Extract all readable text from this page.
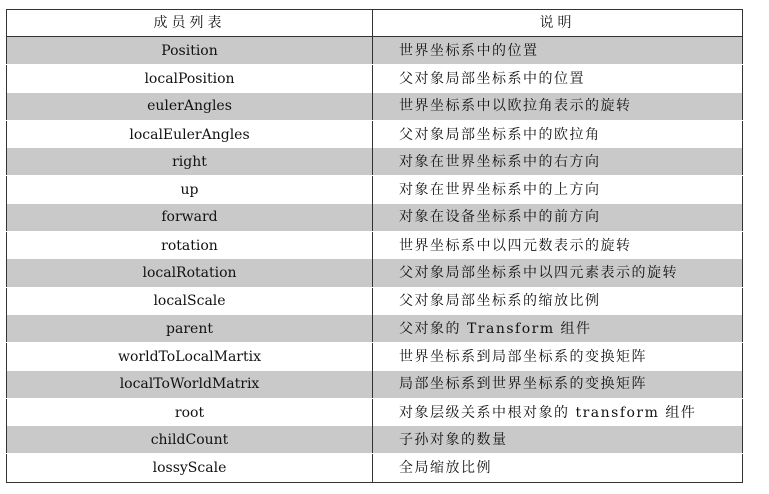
成员列表	说明
Position	世界坐标系中的位置
localPosition	父对象局部坐标系中的位置
eulerAngles	世界坐标系中以欧拉角表示的旋转
localEulerAngles	父对象局部坐标系中的欧拉角
right	对象在世界坐标系中的右方向
up	对象在世界坐标系中的上方向
forward	对象在设备坐标系中的前方向
rotation	世界坐标系中以四元数表示的旋转
localRotation	父对象局部坐标系中以四元素表示的旋转
localScale	父对象局部坐标系的缩放比例
parent	父对象的 Transform 组件
worldToLocalMartix	世界坐标系到局部坐标系的变换矩阵
localToWorldMatrix	局部坐标系到世界坐标系的变换矩阵
root	对象层级关系中根对象的 transform 组件
childCount	子孙对象的数量
lossyScale	全局缩放比例
